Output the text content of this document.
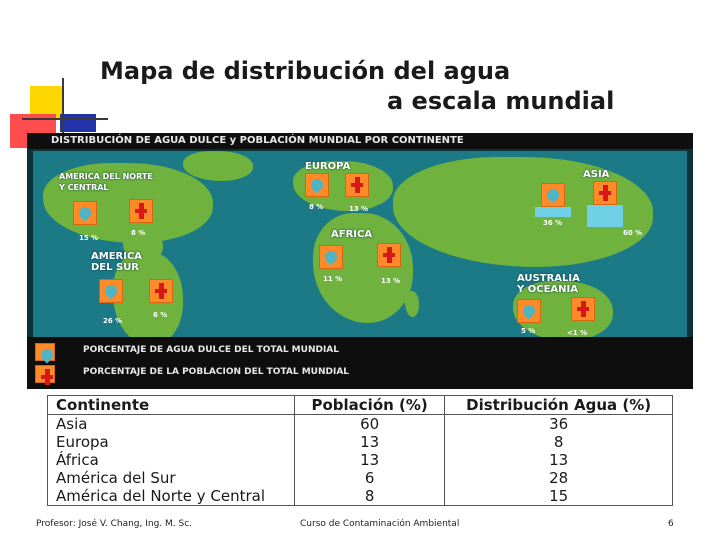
Mapa de distribución del agua
a escala mundial
DISTRIBUCIÓN DE AGUA DULCE y POBLACIÓN MUNDIAL POR CONTINENTE
AMERICA DEL NORTE
Y CENTRAL
15 %
8 %
EUROPA
8 %	13 %
ASIA
36 %
60 %
AFRICA
11 %	13 %
AMERICA
DEL SUR
26 %
6 %
AUSTRALIA
Y OCEANIA
5 %	<1 %
PORCENTAJE DE AGUA DULCE DEL TOTAL MUNDIAL
PORCENTAJE DE LA POBLACION DEL TOTAL MUNDIAL
Continente	Población (%)	Distribución Agua (%)
Asia	60	36
Europa	13	8
África	13	13
América del Sur	6	28
América del Norte y Central	8	15
Profesor: José V. Chang, Ing. M. Sc.	Curso de Contaminación Ambiental	6
